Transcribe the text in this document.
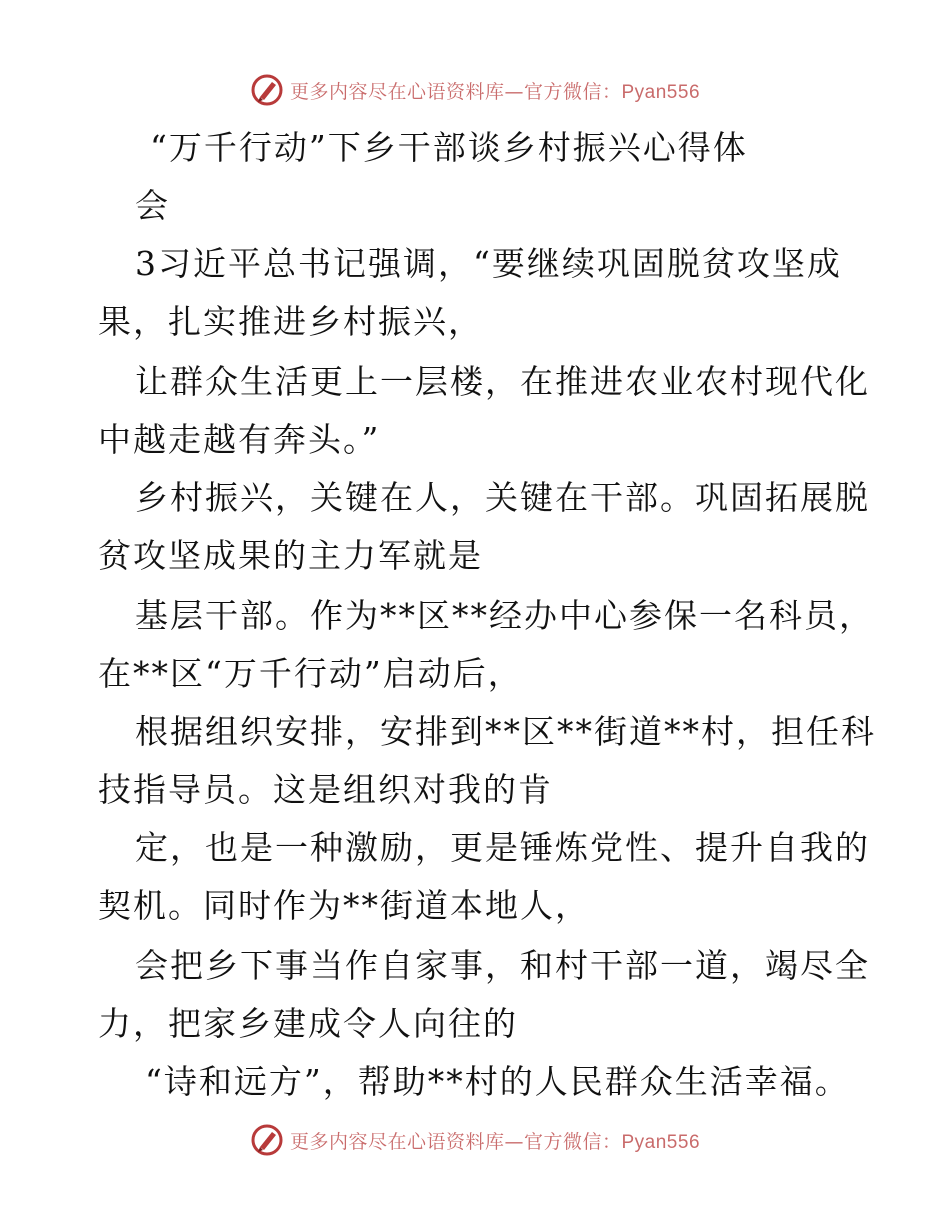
更多内容尽在心语资料库—官方微信：Pyan556
“万千行动”下乡干部谈乡村振兴心得体
会
3习近平总书记强调，“要继续巩固脱贫攻坚成
果，扎实推进乡村振兴，
让群众生活更上一层楼，在推进农业农村现代化
中越走越有奔头。”
乡村振兴，关键在人，关键在干部。巩固拓展脱
贫攻坚成果的主力军就是
基层干部。作为**区**经办中心参保一名科员，
在**区“万千行动”启动后，
根据组织安排，安排到**区**街道**村，担任科
技指导员。这是组织对我的肯
定，也是一种激励，更是锤炼党性、提升自我的
契机。同时作为**街道本地人，
会把乡下事当作自家事，和村干部一道，竭尽全
力，把家乡建成令人向往的
“诗和远方”，帮助**村的人民群众生活幸福。
更多内容尽在心语资料库—官方微信：Pyan556
